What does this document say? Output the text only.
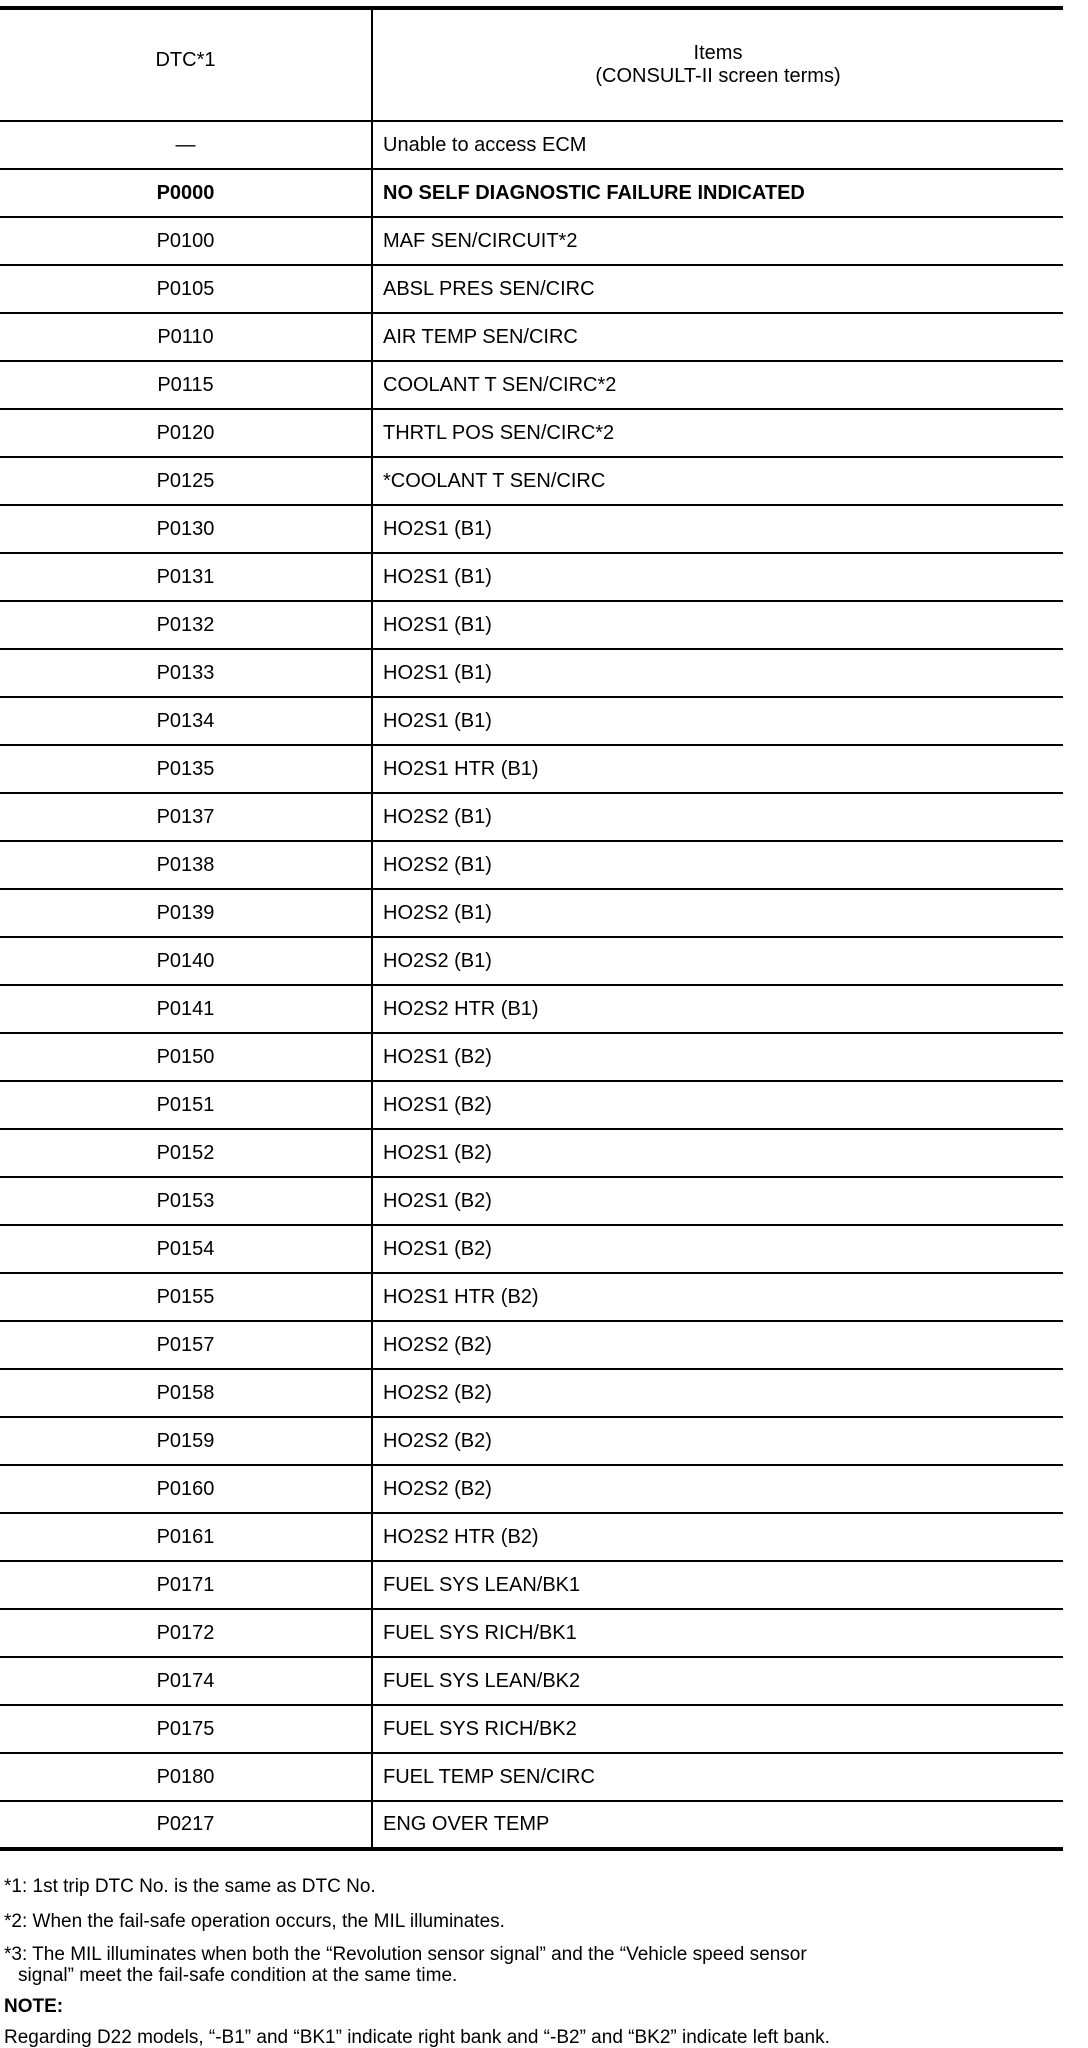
DTC*1	Items
(CONSULT-II screen terms)

—	Unable to access ECM
P0000	NO SELF DIAGNOSTIC FAILURE INDICATED
P0100	MAF SEN/CIRCUIT*2
P0105	ABSL PRES SEN/CIRC
P0110	AIR TEMP SEN/CIRC
P0115	COOLANT T SEN/CIRC*2
P0120	THRTL POS SEN/CIRC*2
P0125	*COOLANT T SEN/CIRC
P0130	HO2S1 (B1)
P0131	HO2S1 (B1)
P0132	HO2S1 (B1)
P0133	HO2S1 (B1)
P0134	HO2S1 (B1)
P0135	HO2S1 HTR (B1)
P0137	HO2S2 (B1)
P0138	HO2S2 (B1)
P0139	HO2S2 (B1)
P0140	HO2S2 (B1)
P0141	HO2S2 HTR (B1)
P0150	HO2S1 (B2)
P0151	HO2S1 (B2)
P0152	HO2S1 (B2)
P0153	HO2S1 (B2)
P0154	HO2S1 (B2)
P0155	HO2S1 HTR (B2)
P0157	HO2S2 (B2)
P0158	HO2S2 (B2)
P0159	HO2S2 (B2)
P0160	HO2S2 (B2)
P0161	HO2S2 HTR (B2)
P0171	FUEL SYS LEAN/BK1
P0172	FUEL SYS RICH/BK1
P0174	FUEL SYS LEAN/BK2
P0175	FUEL SYS RICH/BK2
P0180	FUEL TEMP SEN/CIRC
P0217	ENG OVER TEMP
*1: 1st trip DTC No. is the same as DTC No.
*2: When the fail-safe operation occurs, the MIL illuminates.
*3: The MIL illuminates when both the “Revolution sensor signal” and the “Vehicle speed sensor
signal” meet the fail-safe condition at the same time.
NOTE:
Regarding D22 models, “-B1” and “BK1” indicate right bank and “-B2” and “BK2” indicate left bank.
